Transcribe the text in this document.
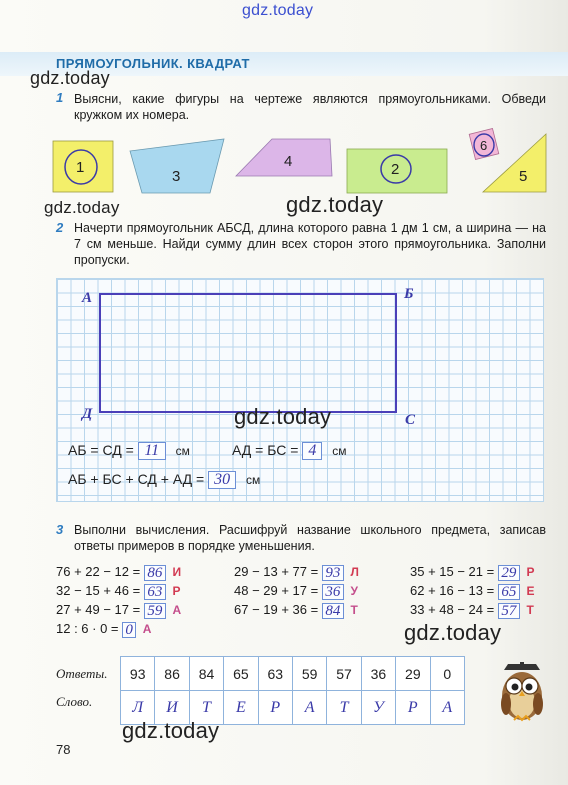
gdz.today
ПРЯМОУГОЛЬНИК. КВАДРАТ
gdz.today
1 Выясни, какие фигуры на чертеже являются прямоугольниками. Обведи кружком их номера.
1
3
4	2
6
5
gdz.today
gdz.today
2 Начерти прямоугольник АБСД, длина которого равна 1 дм 1 см, а ширина — на 7 см меньше. Найди сумму длин всех сторон этого прямоугольника. Заполни пропуски.
А	Б
С
Д	gdz.today
АБ = СД = 11 см	АД = БС = 4 см
АБ + БС + СД + АД = 30 см
3 Выполни вычисления. Расшифруй название школьного предмета, записав ответы примеров в порядке уменьшения.
76 + 22 − 12 = 86 И
32 − 15 + 46 = 63 Р
27 + 49 − 17 = 59 А
12 : 6 · 0 = 0 А
29 − 13 + 77 = 93 Л
48 − 29 + 17 = 36 У
67 − 19 + 36 = 84 Т
35 + 15 − 21 = 29 Р
62 + 16 − 13 = 65 Е
33 + 48 − 24 = 57 Т
gdz.today
Ответы.
Слово.
93	86	84	65	63	59	57	36	29	0
Л	И	Т	Е	Р	А	Т	У	Р	А
gdz.today
78
